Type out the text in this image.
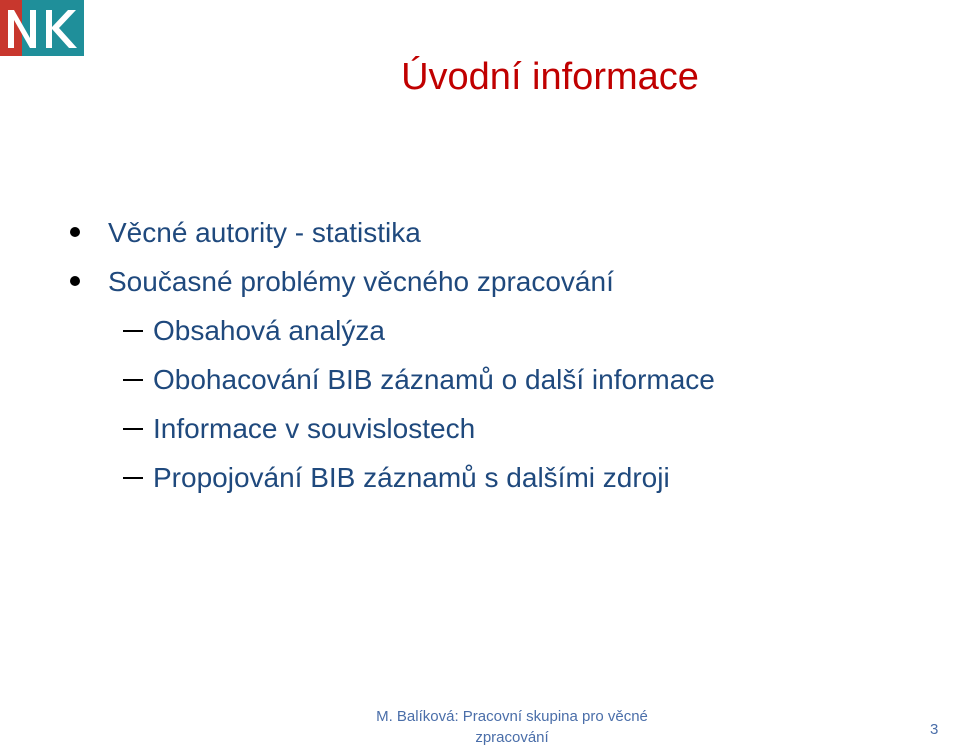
Úvodní informace
Věcné autority - statistika
Současné problémy věcného zpracování
Obsahová analýza
Obohacování BIB záznamů o další informace
Informace v souvislostech
Propojování BIB záznamů s dalšími zdroji
M. Balíková: Pracovní skupina pro věcné
zpracování	3
